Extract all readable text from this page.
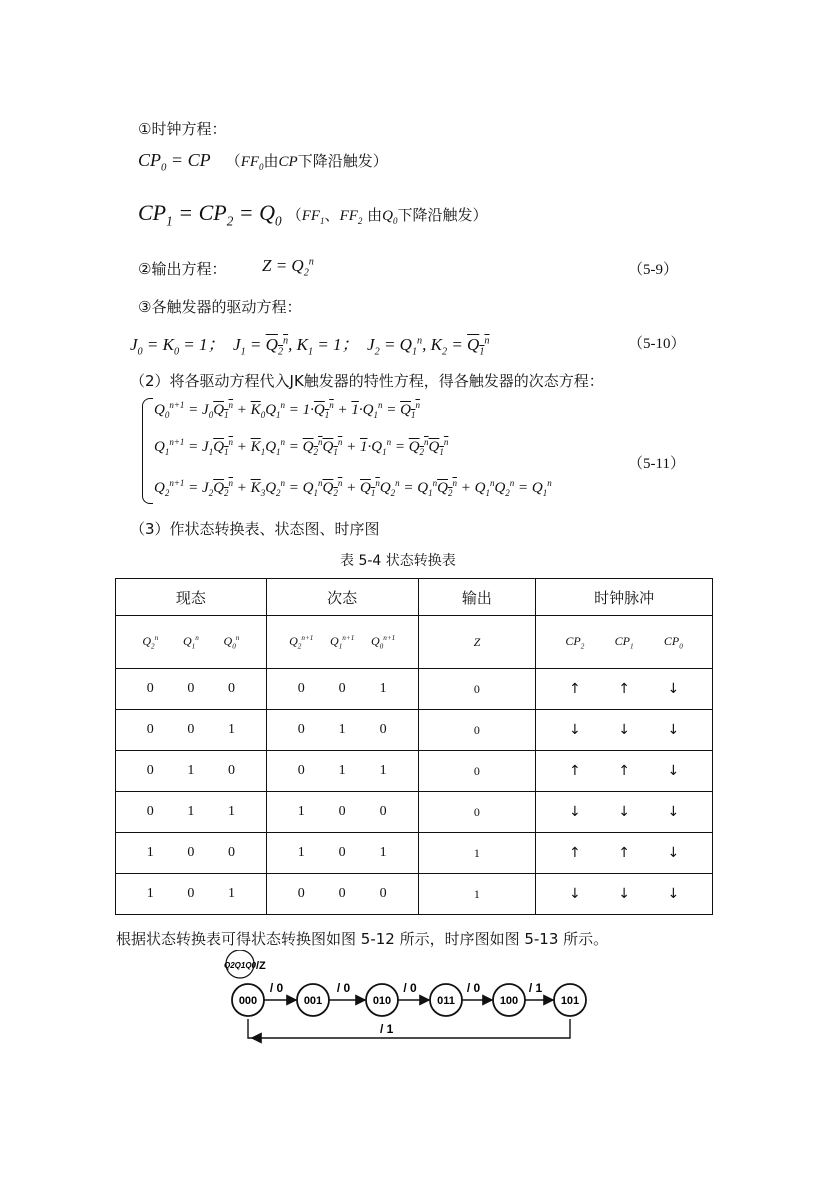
①时钟方程：
$CP_0$ = CP （$FF_0$由CP下降沿触发）
$CP_1 = CP_2 = Q_0$ （$FF_1$、$FF_2$ 由$Q_0$下降沿触发）
②输出方程： $Z = Q_2^n$
（5-9）
③各触发器的驱动方程：
$J_0 = K_0 = 1$；  $J_1 = Q_2^n$, $K_1 = 1$；  $J_2 = Q_1^n$, $K_2 = Q_1^n$	（5-10）
（2）将各驱动方程代入JK触发器的特性方程，得各触发器的次态方程：
$Q_0^{n+1} = J_0Q_1^n + \overline{K}_0Q_1^n = 1\cdot Q_1^n + 1\cdot Q_1^n = Q_1^n$
$Q_1^{n+1} = J_1Q_1^n + \overline{K}_1Q_1^n = Q_2^nQ_1^n + 1\cdot Q_1^n = Q_2^nQ_1^n$
（5-11）
$Q_2^{n+1} = J_2Q_2^n + \overline{K}_3Q_2^n = Q_1^nQ_2^n + Q_1^nQ_2^n = Q_1^nQ_2^n + Q_1^nQ_2^n = Q_1^n$
（3）作状态转换表、状态图、时序图
表 5-4 状态转换表
现态	次态	输出	时钟脉冲

$Q_2^n$ $Q_1^n$ $Q_0^n$	$Q_2^{n+1}$ $Q_1^{n+1}$ $Q_0^{n+1}$	Z	$CP_2$ $CP_1$ $CP_0$

0 0 0	0 0 1	0	↑ ↑ ↓

0 0 1	0 1 0	0	↓ ↓ ↓

0 1 0	0 1 1	0	↑ ↑ ↓

0 1 1	1 0 0	0	↓ ↓ ↓

1 0 0	1 0 1	1	↑ ↑ ↓

1 0 1	0 0 0	1	↓ ↓ ↓
根据状态转换表可得状态转换图如图 5-12 所示，时序图如图 5-13 所示。
Q2Q1Q0 /Z
000	001	010	011	100	101
/ 0	/ 0	/ 0	/ 0	/ 1
/ 1
